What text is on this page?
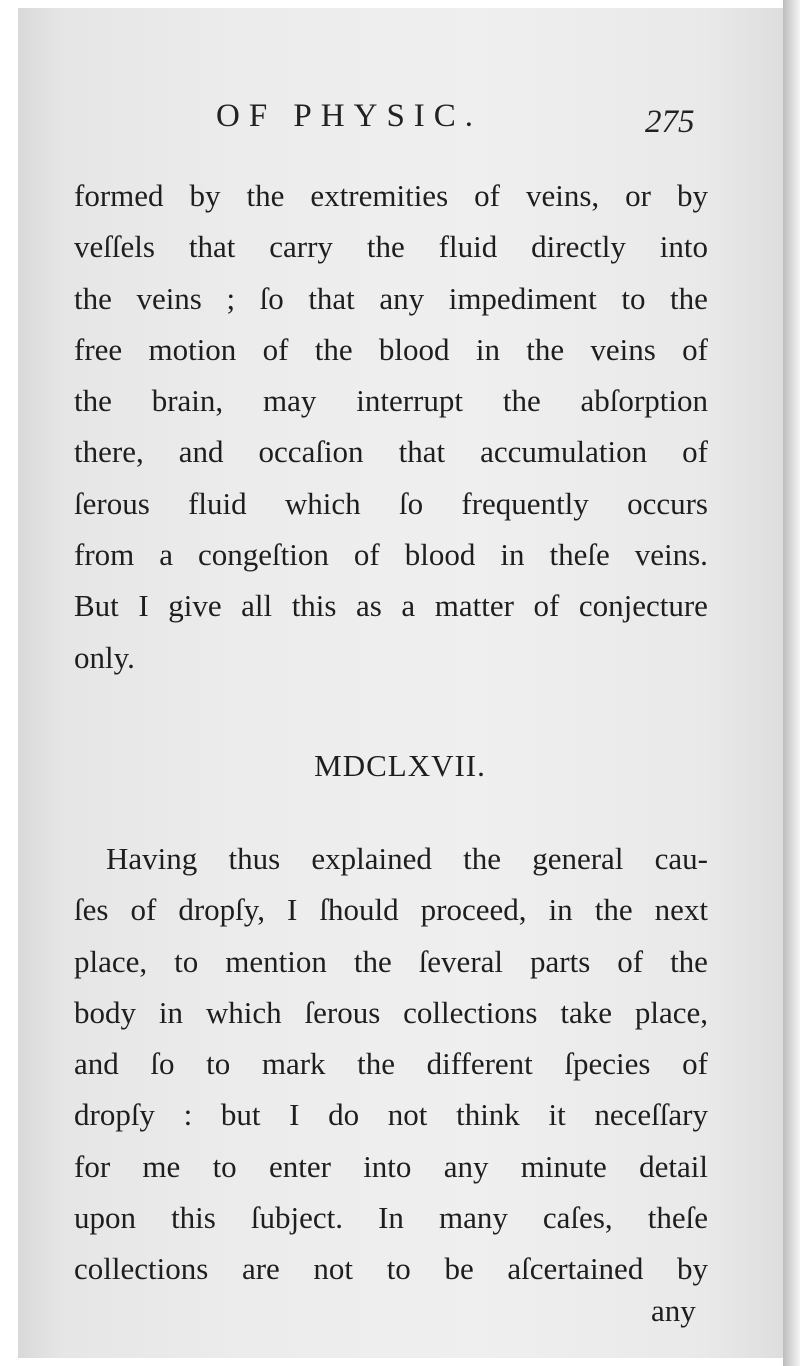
OF PHYSIC.	275
formed by the extremities of veins, or by
veſſels that carry the fluid directly into
the veins ; ſo that any impediment to the
free motion of the blood in the veins of
the brain, may interrupt the abſorption
there, and occaſion that accumulation of
ſerous fluid which ſo frequently occurs
from a congeſtion of blood in theſe veins.
But I give all this as a matter of conjecture
only.
MDCLXVII.
Having thus explained the general cau-
ſes of dropſy, I ſhould proceed, in the next
place, to mention the ſeveral parts of the
body in which ſerous collections take place,
and ſo to mark the different ſpecies of
dropſy : but I do not think it neceſſary
for me to enter into any minute detail
upon this ſubject. In many caſes, theſe
collections are not to be aſcertained by
any
